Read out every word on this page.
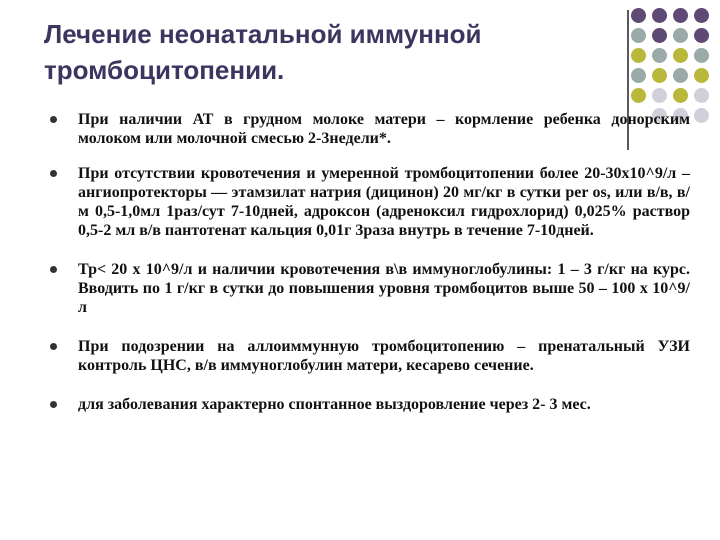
Лечение неонатальной иммунной
тромбоцитопении.
При наличии АТ в грудном молоке матери – кормление ребенка донорским молоком или молочной смесью 2-3недели*.
При отсутствии кровотечения и умеренной тромбоцитопении более 20-30х10^9/л – ангиопротекторы — этамзилат натрия (дицинон) 20 мг/кг в сутки per os, или в/в, в/м 0,5-1,0мл 1раз/сут 7-10дней, адроксон (адреноксил гидрохлорид) 0,025% раствор 0,5-2 мл в/в пантотенат кальция 0,01г 3раза внутрь в течение 7-10дней.
Тр< 20 х 10^9/л и наличии кровотечения в\в иммуноглобулины: 1 – 3 г/кг на курс. Вводить по 1 г/кг в сутки до повышения уровня тромбоцитов выше 50 – 100 х 10^9/л
При подозрении на аллоиммунную тромбоцитопению – пренатальный УЗИ контроль ЦНС, в/в иммуноглобулин матери, кесарево сечение.
для заболевания характерно спонтанное выздоровление через 2- 3 мес.
